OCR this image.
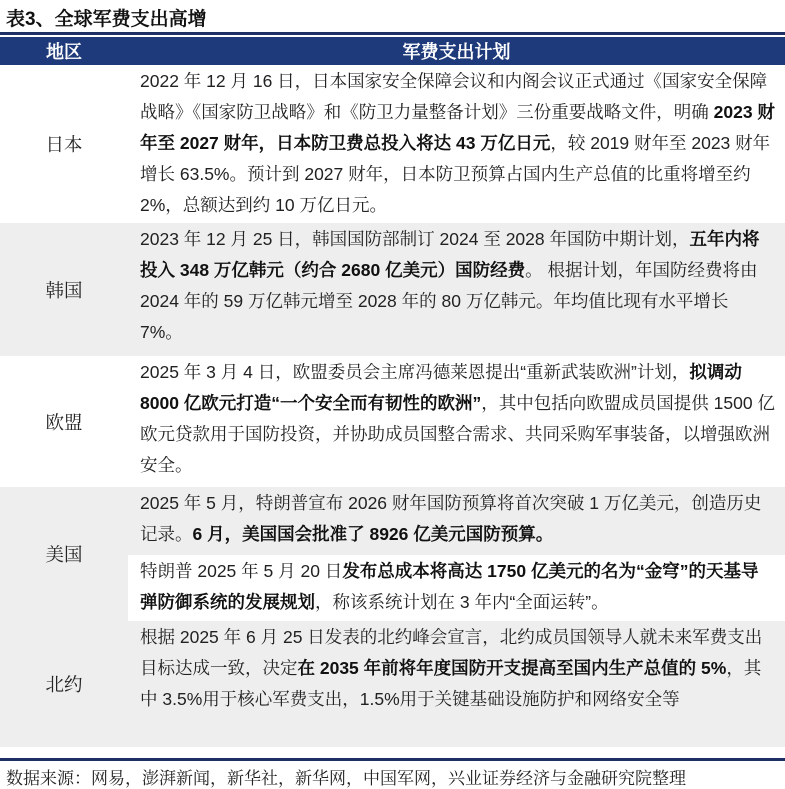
表3、全球军费支出高增
地区	军费支出计划
日本	2022 年 12 月 16 日，日本国家安全保障会议和内阁会议正式通过《国家安全保障战略》《国家防卫战略》和《防卫力量整备计划》三份重要战略文件，明确 2023 财年至 2027 财年，日本防卫费总投入将达 43 万亿日元，较 2019 财年至 2023 财年增长 63.5%。预计到 2027 财年，日本防卫预算占国内生产总值的比重将增至约 2%，总额达到约 10 万亿日元。
韩国	2023 年 12 月 25 日，韩国国防部制订 2024 至 2028 年国防中期计划，五年内将投入 348 万亿韩元（约合 2680 亿美元）国防经费。 根据计划，年国防经费将由 2024 年的 59 万亿韩元增至 2028 年的 80 万亿韩元。年均值比现有水平增长 7%。
欧盟	2025 年 3 月 4 日，欧盟委员会主席冯德莱恩提出“重新武装欧洲”计划，拟调动 8000 亿欧元打造“一个安全而有韧性的欧洲”，其中包括向欧盟成员国提供 1500 亿欧元贷款用于国防投资，并协助成员国整合需求、共同采购军事装备，以增强欧洲安全。
美国	2025 年 5 月，特朗普宣布 2026 财年国防预算将首次突破 1 万亿美元，创造历史记录。6 月，美国国会批准了 8926 亿美元国防预算。
	特朗普 2025 年 5 月 20 日发布总成本将高达 1750 亿美元的名为“金穹”的天基导弹防御系统的发展规划，称该系统计划在 3 年内“全面运转”。
北约	根据 2025 年 6 月 25 日发表的北约峰会宣言，北约成员国领导人就未来军费支出目标达成一致，决定在 2035 年前将年度国防开支提高至国内生产总值的 5%，其中 3.5%用于核心军费支出，1.5%用于关键基础设施防护和网络安全等
数据来源：网易，澎湃新闻，新华社，新华网，中国军网，兴业证券经济与金融研究院整理
